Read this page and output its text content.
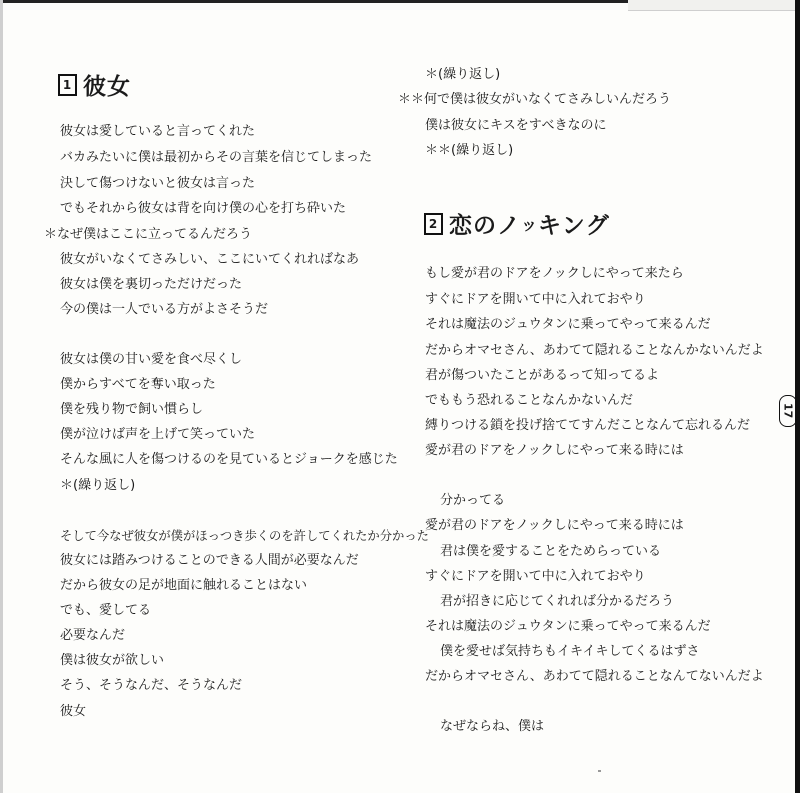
1 彼女
彼女は愛していると言ってくれた
バカみたいに僕は最初からその言葉を信じてしまった
決して傷つけないと彼女は言った
でもそれから彼女は背を向け僕の心を打ち砕いた
＊なぜ僕はここに立ってるんだろう
彼女がいなくてさみしい、ここにいてくれればなあ
彼女は僕を裏切っただけだった
今の僕は一人でいる方がよさそうだ
彼女は僕の甘い愛を食べ尽くし
僕からすべてを奪い取った
僕を残り物で飼い慣らし
僕が泣けば声を上げて笑っていた
そんな風に人を傷つけるのを見ているとジョークを感じた
＊(繰り返し)
そして今なぜ彼女が僕がほっつき歩くのを許してくれたか分かった
彼女には踏みつけることのできる人間が必要なんだ
だから彼女の足が地面に触れることはない
でも、愛してる
必要なんだ
僕は彼女が欲しい
そう、そうなんだ、そうなんだ
彼女
＊(繰り返し)
＊＊何で僕は彼女がいなくてさみしいんだろう
僕は彼女にキスをすべきなのに
＊＊(繰り返し)
2 恋のノ ッ キン グ
もし愛が君のドアをノックしにやって来たら
すぐにドアを開いて中に入れておやり
それは魔法のジュウタンに乗ってやって来るんだ
だからオマセさん、あわてて隠れることなんかないんだよ
君が傷ついたことがあるって知ってるよ
でももう恐れることなんかないんだ
縛りつける鎖を投げ捨ててすんだことなんて忘れるんだ
愛が君のドアをノックしにやって来る時には
分かってる
愛が君のドアをノックしにやって来る時には
君は僕を愛することをためらっている
すぐにドアを開いて中に入れておやり
君が招きに応じてくれれば分かるだろう
それは魔法のジュウタンに乗ってやって来るんだ
僕を愛せば気持ちもイキイキしてくるはずさ
だからオマセさん、あわてて隠れることなんてないんだよ
なぜならね、僕は
17
